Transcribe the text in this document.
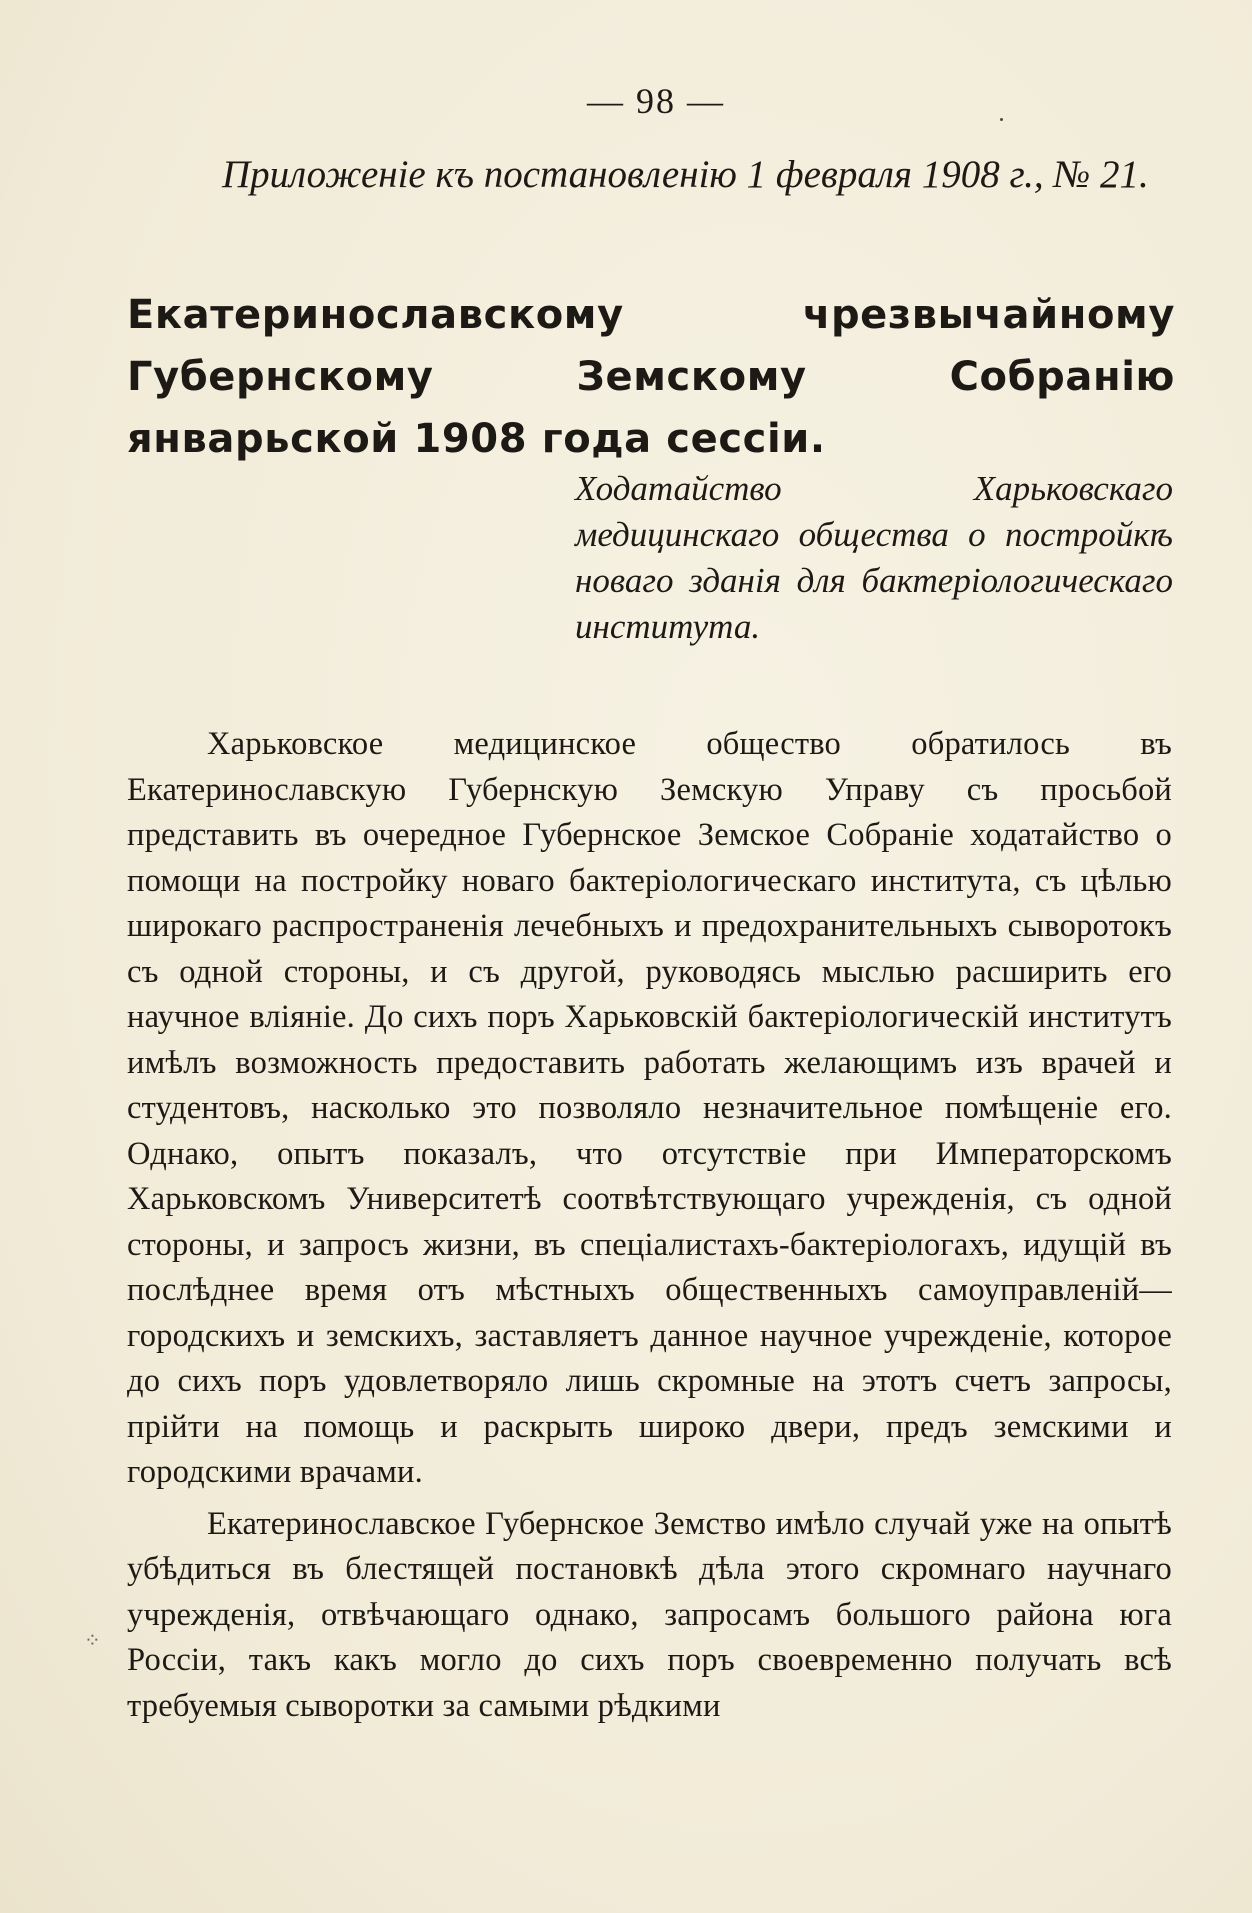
— 98 —
Приложенiе къ постановленiю 1 февраля 1908 г., № 21.
Екатеринославскому чрезвычайному Губернскому Земскому Собранiю январьской 1908 года сессiи.
Ходатайство Харьковскаго медицинскаго общества о постройкѣ новаго зданiя для бактерiологическаго института.

Харьковское медицинское общество обратилось въ Екатеринославскую Губернскую Земскую Управу съ просьбой представить въ очередное Губернское Земское Собранiе ходатайство о помощи на постройку новаго бактерiологическаго института, съ цѣлью широкаго распространенiя лечебныхъ и предохранительныхъ сыворотокъ съ одной стороны, и съ другой, руководясь мыслью расширить его научное влiянiе. До сихъ поръ Харьковскiй бактерiологическiй институтъ имѣлъ возможность предоставить работать желающимъ изъ врачей и студентовъ, насколько это позволяло незначительное помѣщенiе его. Однако, опытъ показалъ, что отсутствiе при Императорскомъ Харьковскомъ Университетѣ соотвѣтствующаго учрежденiя, съ одной стороны, и запросъ жизни, въ спецiалистахъ-бактерiологахъ, идущiй въ послѣднее время отъ мѣстныхъ общественныхъ самоуправленiй— городскихъ и земскихъ, заставляетъ данное научное учрежденiе, которое до сихъ поръ удовлетворяло лишь скромные на этотъ счетъ запросы, прiйти на помощь и раскрыть широко двери, предъ земскими и городскими врачами.

Екатеринославское Губернское Земство имѣло случай уже на опытѣ убѣдиться въ блестящей постановкѣ дѣла этого скромнаго научнаго учрежденiя, отвѣчающаго однако, запросамъ большого района юга Россiи, такъ какъ могло до сихъ поръ своевременно получать всѣ требуемыя сыворотки за самыми рѣдкими

⁘
